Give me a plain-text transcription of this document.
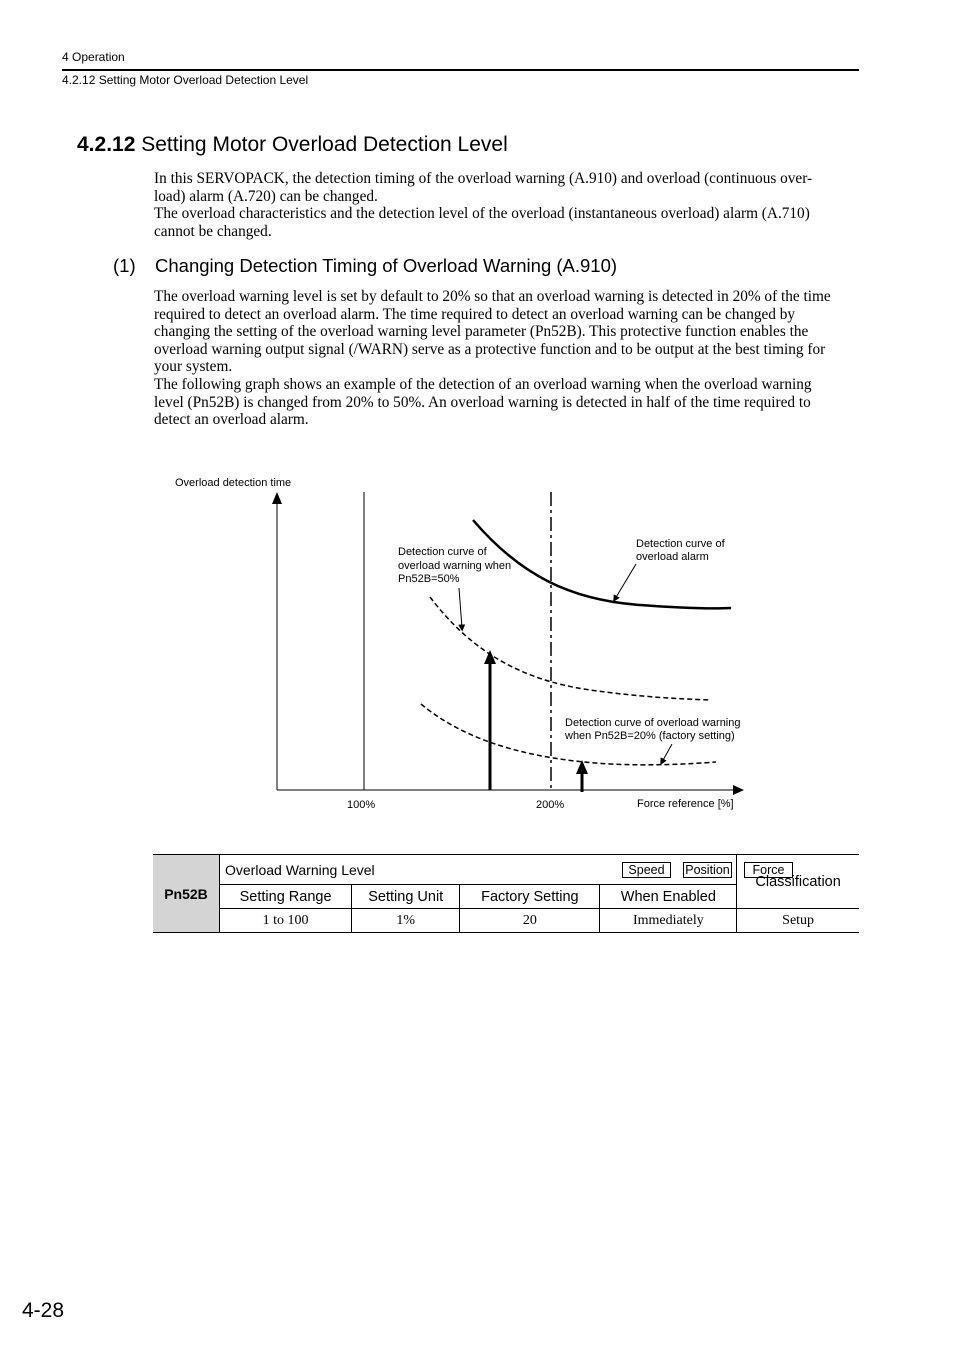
4 Operation
4.2.12 Setting Motor Overload Detection Level
4.2.12 Setting Motor Overload Detection Level

In this SERVOPACK, the detection timing of the overload warning (A.910) and overload (continuous over-

load) alarm (A.720) can be changed.

The overload characteristics and the detection level of the overload (instantaneous overload) alarm (A.710)

cannot be changed.

(1) Changing Detection Timing of Overload Warning (A.910)

The overload warning level is set by default to 20% so that an overload warning is detected in 20% of the time

required to detect an overload alarm. The time required to detect an overload warning can be changed by

changing the setting of the overload warning level parameter (Pn52B). This protective function enables the

overload warning output signal (/WARN) serve as a protective function and to be output at the best timing for

your system.

The following graph shows an example of the detection of an overload warning when the overload warning

level (Pn52B) is changed from 20% to 50%. An overload warning is detected in half of the time required to

detect an overload alarm.

Overload detection time
Force reference [%]
100%	200%
Detection curve of
overload alarm
Detection curve of
overload warning when
Pn52B=50%
Detection curve of overload warning
when Pn52B=20% (factory setting)
Pn52B	Overload Warning Level Speed Position Force				Classification
	Setting Range	Setting Unit	Factory Setting	When Enabled	
	1 to 100	1%	20	Immediately	Setup
4-28
